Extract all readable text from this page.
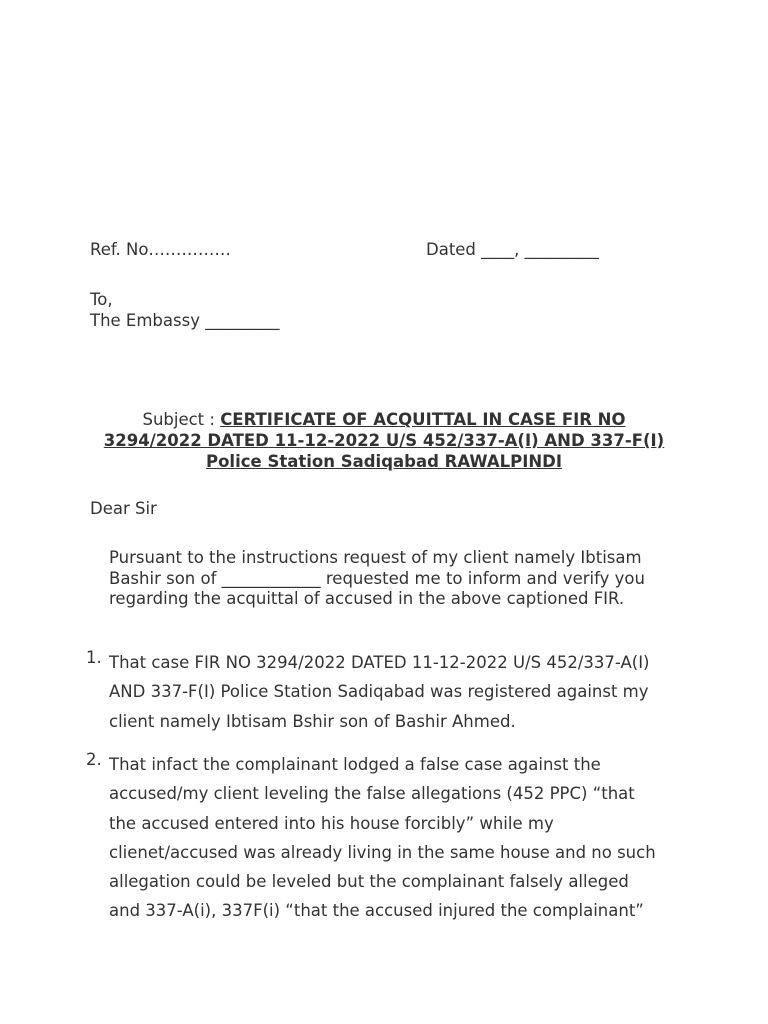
Ref. No……………	Dated ____, _________
To,
The Embassy _________
Subject : CERTIFICATE OF ACQUITTAL IN CASE FIR NO
3294/2022 DATED 11-12-2022 U/S 452/337-A(I) AND 337-F(I)
Police Station Sadiqabad RAWALPINDI
Dear Sir
Pursuant to the instructions request of my client namely Ibtisam
Bashir son of ____________ requested me to inform and verify you
regarding the acquittal of accused in the above captioned FIR.
1. That case FIR NO 3294/2022 DATED 11-12-2022 U/S 452/337-A(I)
AND 337-F(I) Police Station Sadiqabad was registered against my
client namely Ibtisam Bshir son of Bashir Ahmed.
2. That infact the complainant lodged a false case against the
accused/my client leveling the false allegations (452 PPC) “that
the accused entered into his house forcibly” while my
clienet/accused was already living in the same house and no such
allegation could be leveled but the complainant falsely alleged
and 337-A(i), 337F(i) “that the accused injured the complainant”
